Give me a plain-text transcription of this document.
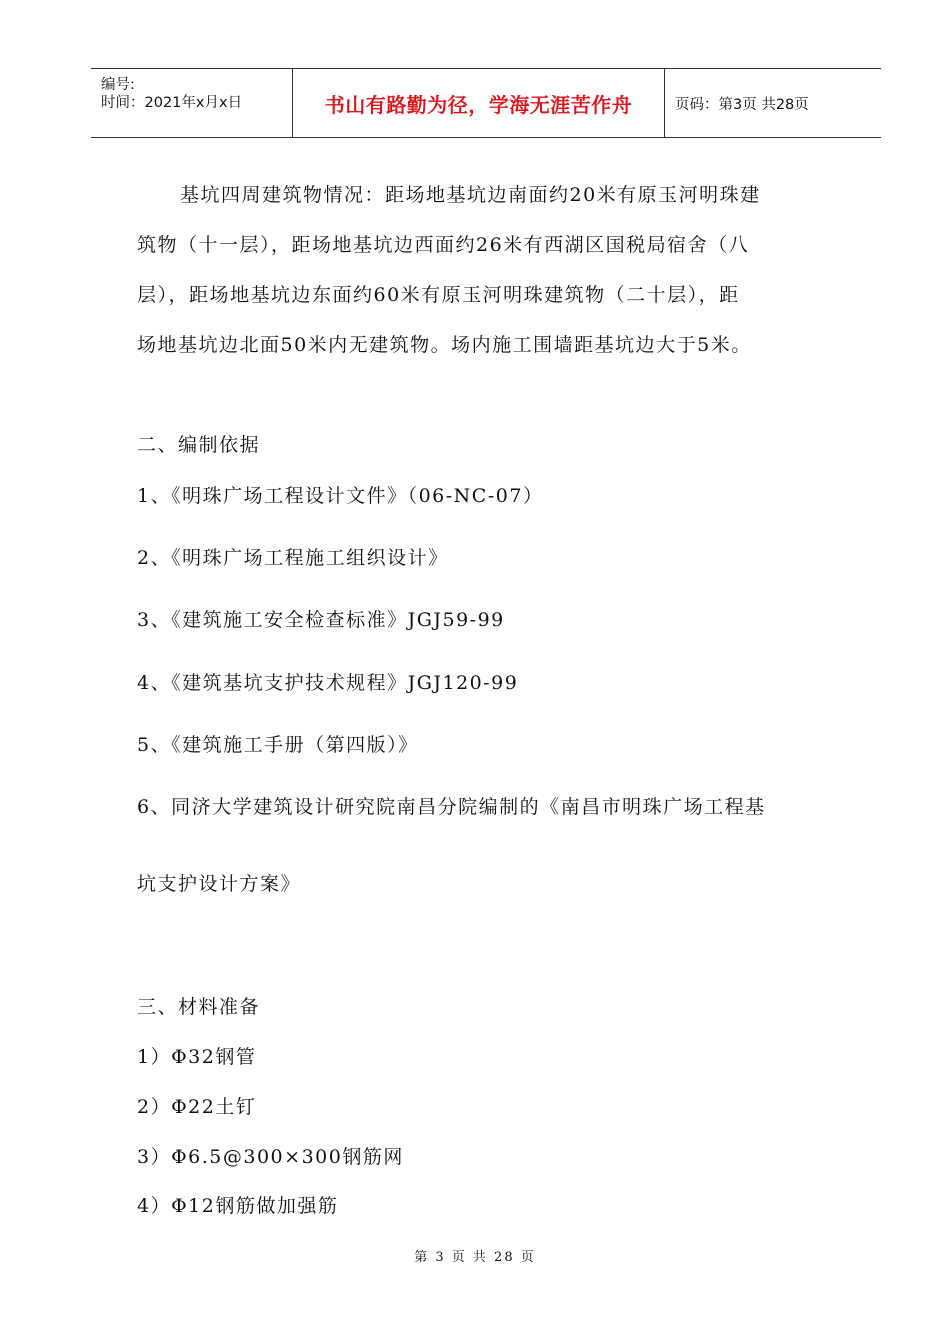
编号:
时间：2021年x月x日	书山有路勤为径，学海无涯苦作舟	页码：第3页 共28页
基坑四周建筑物情况：距场地基坑边南面约20米有原玉河明珠建
筑物（十一层），距场地基坑边西面约26米有西湖区国税局宿舍（八
层），距场地基坑边东面约60米有原玉河明珠建筑物（二十层），距
场地基坑边北面50米内无建筑物。场内施工围墙距基坑边大于5米。
二、编制依据
1、《明珠广场工程设计文件》（06-NC-07）
2、《明珠广场工程施工组织设计》
3、《建筑施工安全检查标准》JGJ59-99
4、《建筑基坑支护技术规程》JGJ120-99
5、《建筑施工手册（第四版）》
6、同济大学建筑设计研究院南昌分院编制的《南昌市明珠广场工程基
坑支护设计方案》
三、材料准备
1）Φ32钢管
2）Φ22土钉
3）Φ6.5@300×300钢筋网
4）Φ12钢筋做加强筋
第 3 页 共 28 页
